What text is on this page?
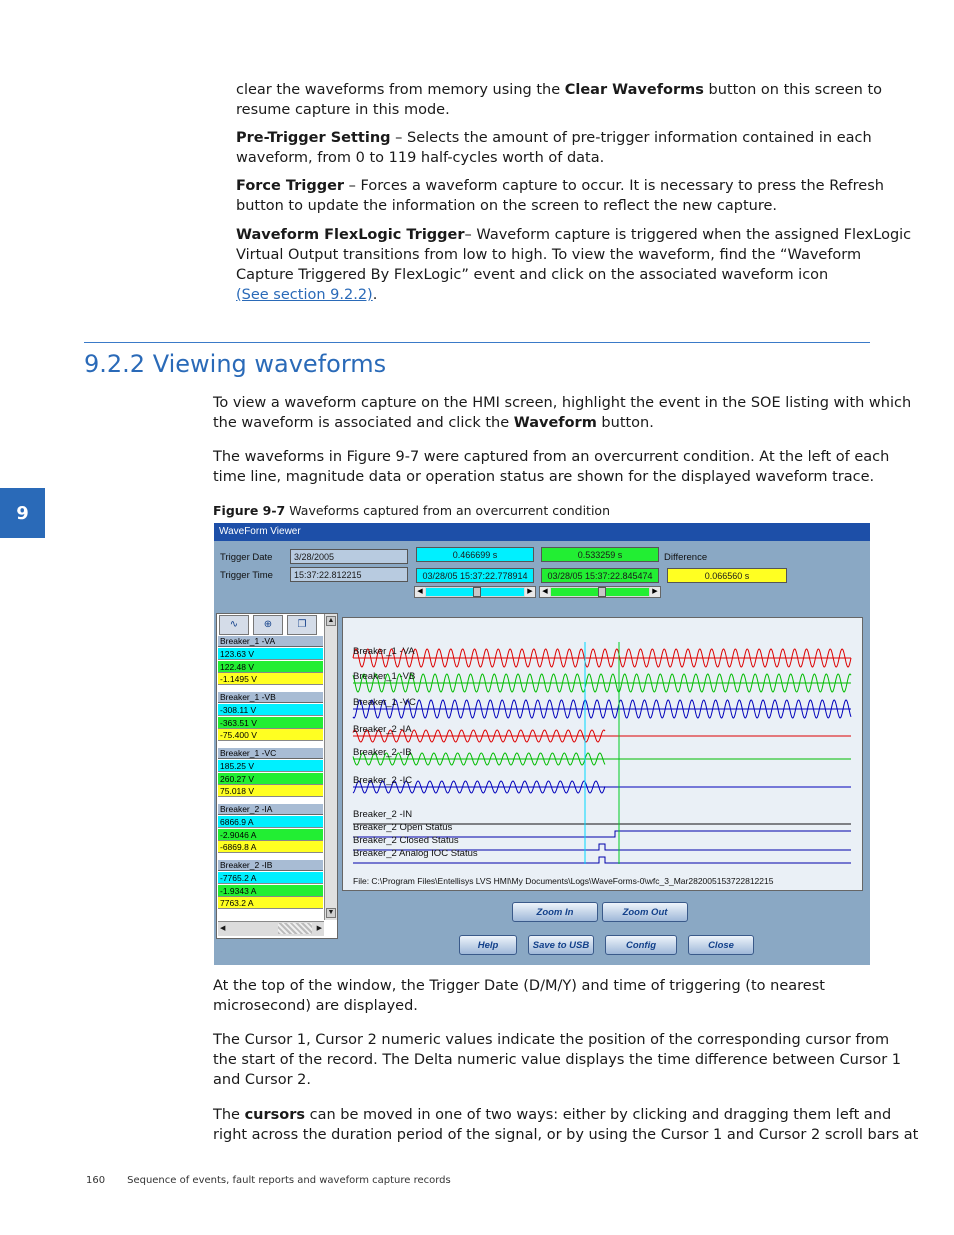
clear the waveforms from memory using the Clear Waveforms button on this screen to
resume capture in this mode.

Pre-Trigger Setting – Selects the amount of pre-trigger information contained in each
waveform, from 0 to 119 half-cycles worth of data.

Force Trigger – Forces a waveform capture to occur. It is necessary to press the Refresh
button to update the information on the screen to reflect the new capture.

Waveform FlexLogic Trigger– Waveform capture is triggered when the assigned FlexLogic
Virtual Output transitions from low to high. To view the waveform, find the “Waveform
Capture Triggered By FlexLogic” event and click on the associated waveform icon
(See section 9.2.2).

9.2.2 Viewing waveforms

To view a waveform capture on the HMI screen, highlight the event in the SOE listing with which
the waveform is associated and click the Waveform button.

The waveforms in Figure 9-7 were captured from an overcurrent condition. At the left of each
time line, magnitude data or operation status are shown for the displayed waveform trace.

9	Figure 9-7 Waveforms captured from an overcurrent condition
WaveForm Viewer
Trigger Date	3/28/2005
Trigger Time	15:37:22.812215
0.466699 s
03/28/05 15:37:22.778914
◀	▶
0.533259 s
03/28/05 15:37:22.845474
◀	▶
Difference
0.066560 s
∿	⊕	❐
Breaker_1 -VA
123.63 V
122.48 V
-1.1495 V
Breaker_1 -VB
-308.11 V
-363.51 V
-75.400 V
Breaker_1 -VC
185.25 V
260.27 V
75.018 V
Breaker_2 -IA
6866.9 A
-2.9046 A
-6869.8 A
Breaker_2 -IB
-7765.2 A
-1.9343 A
7763.2 A
▲
▼
◀	▶
Breaker_1 -VA
Breaker_1 -VB
Breaker_1 -VC
Breaker_2 -IA
Breaker_2 -IB
Breaker_2 -IC
Breaker_2 -IN
Breaker_2 Open Status
Breaker_2 Closed Status
Breaker_2 Analog IOC Status
File: C:\Program Files\Entellisys LVS HMI\My Documents\Logs\WaveForms-0\wfc_3_Mar282005153722812215
Zoom In	Zoom Out
Help	Save to USB	Config	Close

At the top of the window, the Trigger Date (D/M/Y) and time of triggering (to nearest
microsecond) are displayed.

The Cursor 1, Cursor 2 numeric values indicate the position of the corresponding cursor from
the start of the record. The Delta numeric value displays the time difference between Cursor 1
and Cursor 2.

The cursors can be moved in one of two ways: either by clicking and dragging them left and
right across the duration period of the signal, or by using the Cursor 1 and Cursor 2 scroll bars at

160 Sequence of events, fault reports and waveform capture records
